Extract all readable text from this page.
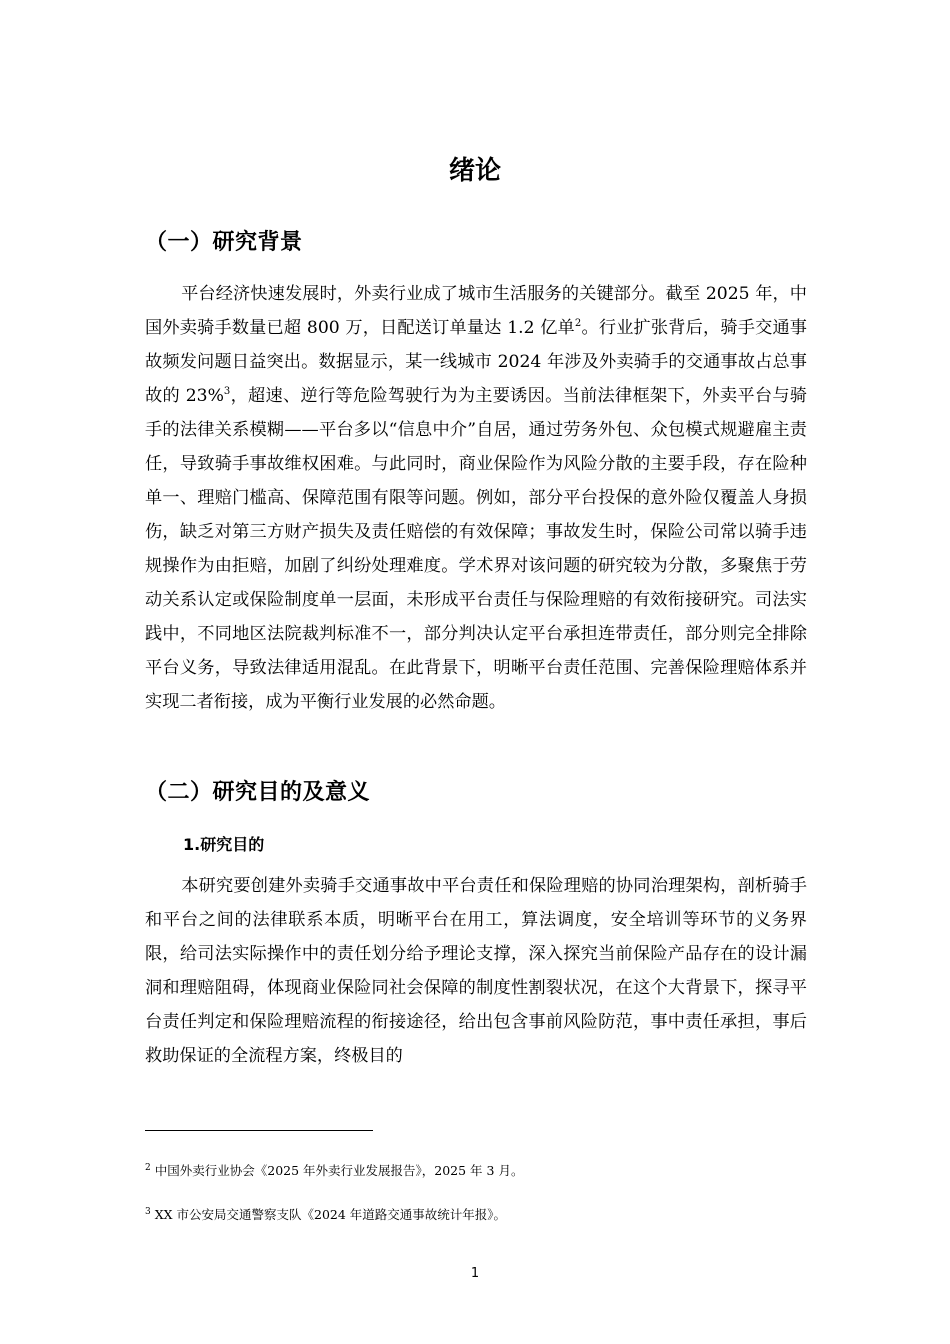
绪论
（一）研究背景

平台经济快速发展时，外卖行业成了城市生活服务的关键部分。截至 2025 年，中国外卖骑手数量已超 800 万，日配送订单量达 1.2 亿单$^2$。行业扩张背后，骑手交通事故频发问题日益突出。数据显示，某一线城市 2024 年涉及外卖骑手的交通事故占总事故的 23%$^3$，超速、逆行等危险驾驶行为为主要诱因。当前法律框架下，外卖平台与骑手的法律关系模糊——平台多以“信息中介”自居，通过劳务外包、众包模式规避雇主责任，导致骑手事故维权困难。与此同时，商业保险作为风险分散的主要手段，存在险种单一、理赔门槛高、保障范围有限等问题。例如，部分平台投保的意外险仅覆盖人身损伤，缺乏对第三方财产损失及责任赔偿的有效保障；事故发生时，保险公司常以骑手违规操作为由拒赔，加剧了纠纷处理难度。学术界对该问题的研究较为分散，多聚焦于劳动关系认定或保险制度单一层面，未形成平台责任与保险理赔的有效衔接研究。司法实践中，不同地区法院裁判标准不一，部分判决认定平台承担连带责任，部分则完全排除平台义务，导致法律适用混乱。在此背景下，明晰平台责任范围、完善保险理赔体系并实现二者衔接，成为平衡行业发展的必然命题。

（二）研究目的及意义
1.研究目的

本研究要创建外卖骑手交通事故中平台责任和保险理赔的协同治理架构，剖析骑手和平台之间的法律联系本质，明晰平台在用工，算法调度，安全培训等环节的义务界限，给司法实际操作中的责任划分给予理论支撑，深入探究当前保险产品存在的设计漏洞和理赔阻碍，体现商业保险同社会保障的制度性割裂状况，在这个大背景下，探寻平台责任判定和保险理赔流程的衔接途径，给出包含事前风险防范，事中责任承担，事后救助保证的全流程方案，终极目的

$^2$ 中国外卖行业协会《2025 年外卖行业发展报告》，2025 年 3 月。

$^3$ XX 市公安局交通警察支队《2024 年道路交通事故统计年报》。

1
